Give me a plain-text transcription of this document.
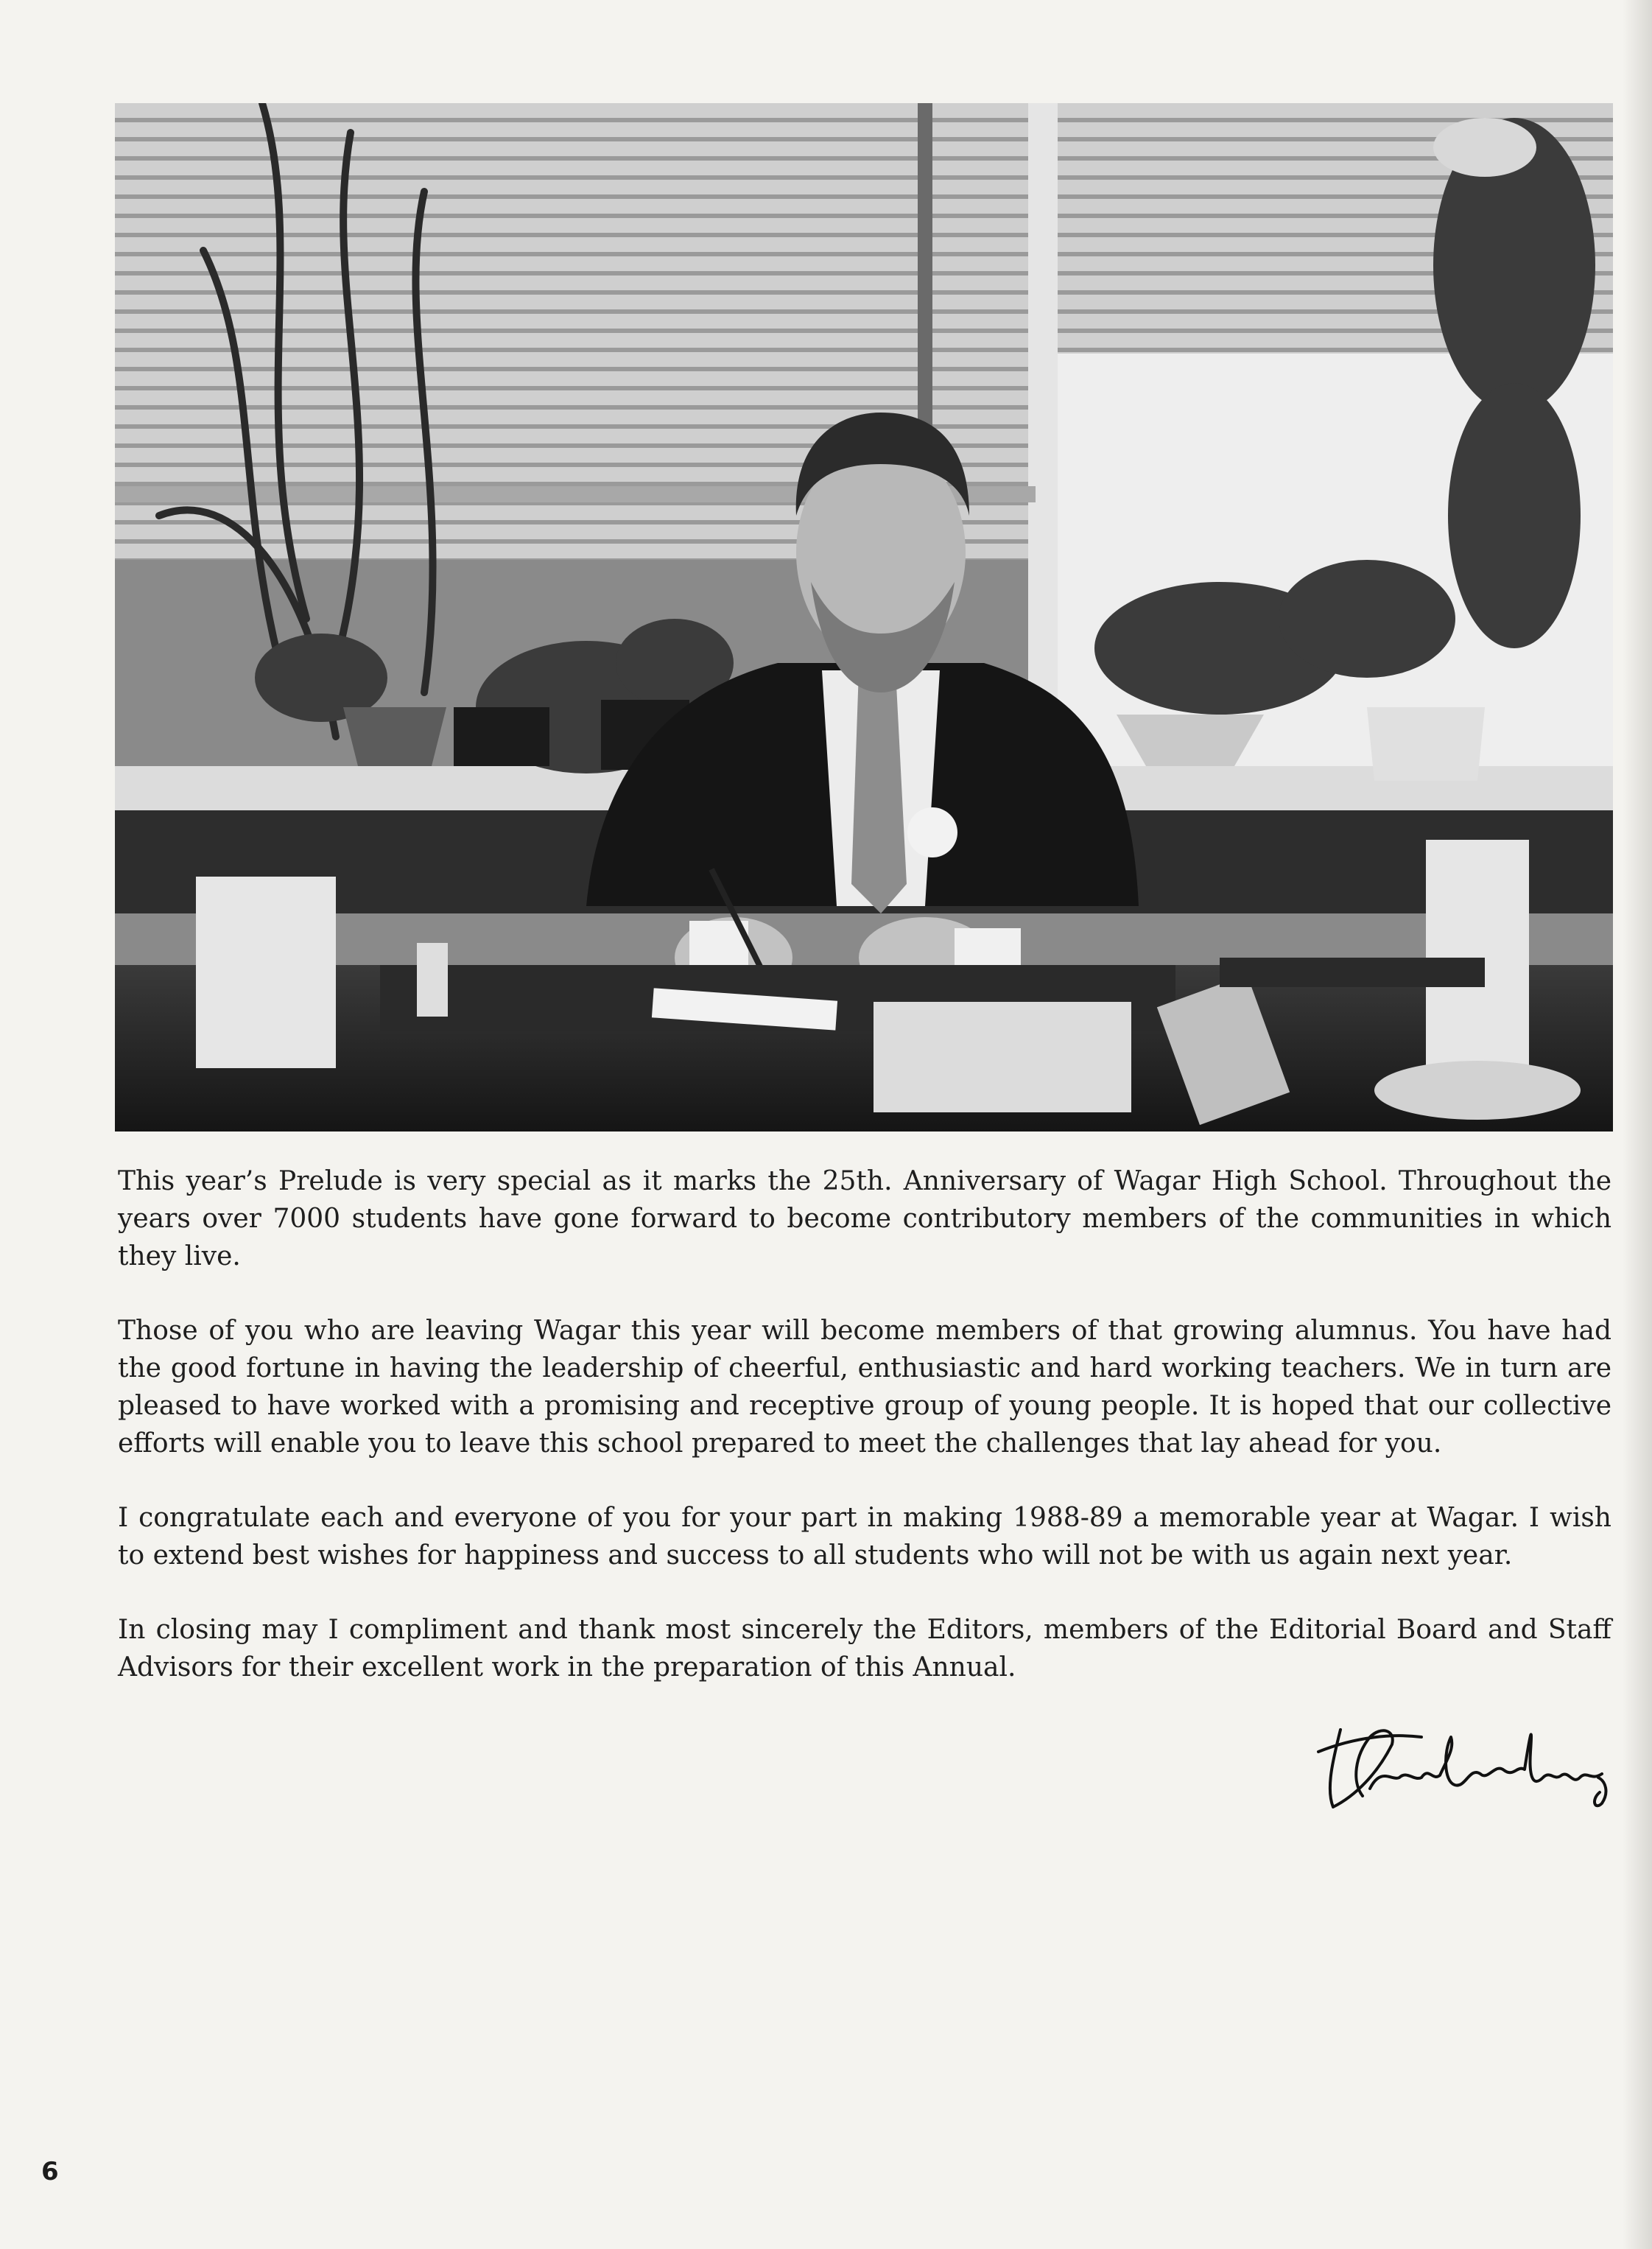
This year’s Prelude is very special as it marks the 25th. Anniversary of Wagar High School. Throughout the years over 7000 students have gone forward to become contributory members of the communities in which they live.

Those of you who are leaving Wagar this year will become members of that growing alumnus. You have had the good fortune in having the leadership of cheerful, enthusiastic and hard working teachers. We in turn are pleased to have worked with a promising and receptive group of young people. It is hoped that our collective efforts will enable you to leave this school prepared to meet the challenges that lay ahead for you.

I congratulate each and everyone of you for your part in making 1988-89 a memorable year at Wagar. I wish to extend best wishes for happiness and success to all students who will not be with us again next year.

In closing may I compliment and thank most sincerely the Editors, members of the Editorial Board and Staff Advisors for their excellent work in the preparation of this Annual.

6
